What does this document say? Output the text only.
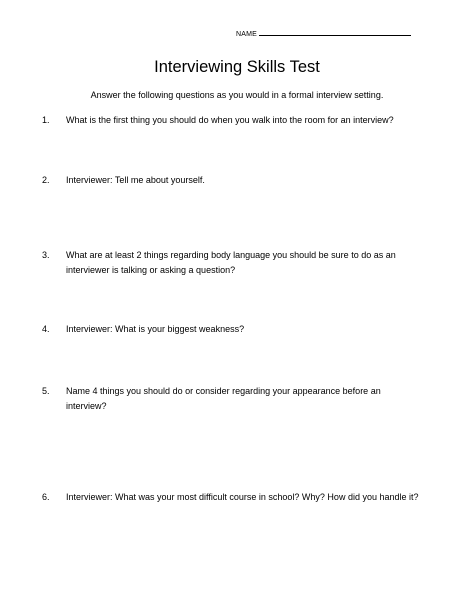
NAME
Interviewing Skills Test
Answer the following questions as you would in a formal interview setting.
1.	What is the first thing you should do when you walk into the room for an interview?
2.	Interviewer: Tell me about yourself.
3.	What are at least 2 things regarding body language you should be sure to do as an interviewer is talking or asking a question?
4.	Interviewer: What is your biggest weakness?
5.	Name 4 things you should do or consider regarding your appearance before an interview?
6.	Interviewer: What was your most difficult course in school? Why? How did you handle it?
